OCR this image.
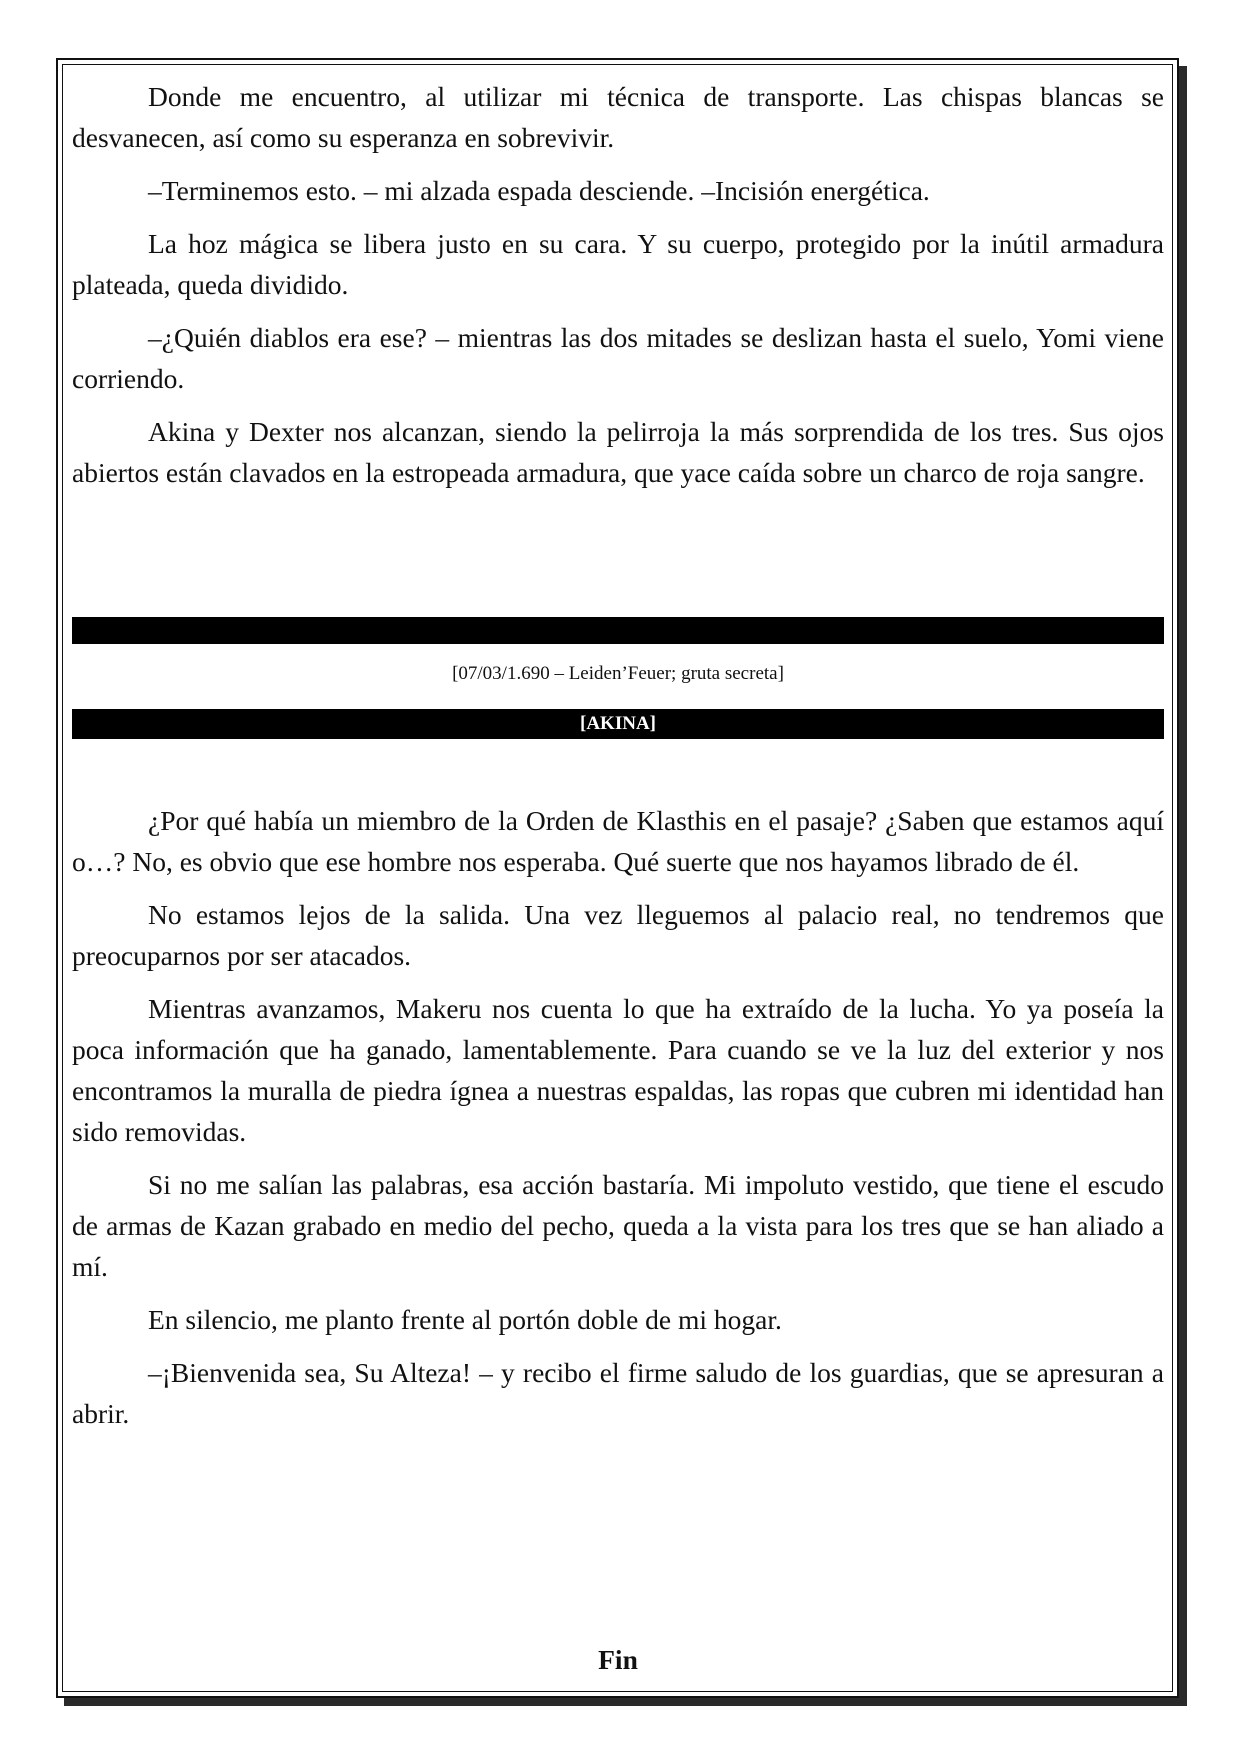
Donde me encuentro, al utilizar mi técnica de transporte. Las chispas blancas se desvanecen, así como su esperanza en sobrevivir.

–Terminemos esto. – mi alzada espada desciende. –Incisión energética.

La hoz mágica se libera justo en su cara. Y su cuerpo, protegido por la inútil armadura plateada, queda dividido.

–¿Quién diablos era ese? – mientras las dos mitades se deslizan hasta el suelo, Yomi viene corriendo.

Akina y Dexter nos alcanzan, siendo la pelirroja la más sorprendida de los tres. Sus ojos abiertos están clavados en la estropeada armadura, que yace caída sobre un charco de roja sangre.

[07/03/1.690 – Leiden’Feuer; gruta secreta]
[AKINA]

¿Por qué había un miembro de la Orden de Klasthis en el pasaje? ¿Saben que estamos aquí o…? No, es obvio que ese hombre nos esperaba. Qué suerte que nos hayamos librado de él.

No estamos lejos de la salida. Una vez lleguemos al palacio real, no tendremos que preocuparnos por ser atacados.

Mientras avanzamos, Makeru nos cuenta lo que ha extraído de la lucha. Yo ya poseía la poca información que ha ganado, lamentablemente. Para cuando se ve la luz del exterior y nos encontramos la muralla de piedra ígnea a nuestras espaldas, las ropas que cubren mi identidad han sido removidas.

Si no me salían las palabras, esa acción bastaría. Mi impoluto vestido, que tiene el escudo de armas de Kazan grabado en medio del pecho, queda a la vista para los tres que se han aliado a mí.

En silencio, me planto frente al portón doble de mi hogar.

–¡Bienvenida sea, Su Alteza! – y recibo el firme saludo de los guardias, que se apresuran a abrir.

Fin
